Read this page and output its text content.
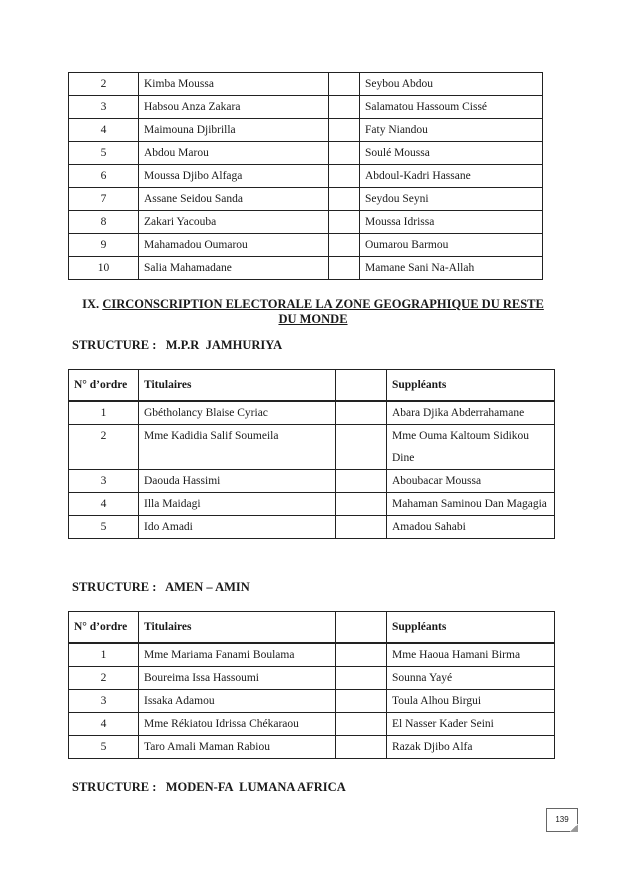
2	Kimba Moussa		Seybou Abdou
3	Habsou Anza Zakara		Salamatou Hassoum Cissé
4	Maimouna Djibrilla		Faty Niandou
5	Abdou Marou		Soulé Moussa
6	Moussa Djibo Alfaga		Abdoul-Kadri Hassane
7	Assane Seidou Sanda		Seydou Seyni
8	Zakari Yacouba		Moussa Idrissa
9	Mahamadou Oumarou		Oumarou Barmou
10	Salia Mahamadane		Mamane Sani Na-Allah
IX. CIRCONSCRIPTION ELECTORALE LA ZONE GEOGRAPHIQUE DU RESTE
DU MONDE
STRUCTURE :   M.P.R  JAMHURIYA
N° d’ordre	Titulaires		Suppléants
1	Gbétholancy Blaise Cyriac		Abara Djika Abderrahamane
2	Mme Kadidia Salif Soumeila		Mme Ouma Kaltoum Sidikou Dine
3	Daouda Hassimi		Aboubacar Moussa
4	Illa Maidagi		Mahaman Saminou Dan Magagia
5	Ido Amadi		Amadou Sahabi
STRUCTURE :   AMEN – AMIN
N° d’ordre	Titulaires		Suppléants
1	Mme Mariama Fanami Boulama		Mme Haoua Hamani Birma
2	Boureima Issa Hassoumi		Sounna Yayé
3	Issaka Adamou		Toula Alhou Birgui
4	Mme Rékiatou Idrissa Chékaraou		El Nasser Kader Seini
5	Taro Amali Maman Rabiou		Razak Djibo Alfa
STRUCTURE :   MODEN-FA  LUMANA AFRICA
139
